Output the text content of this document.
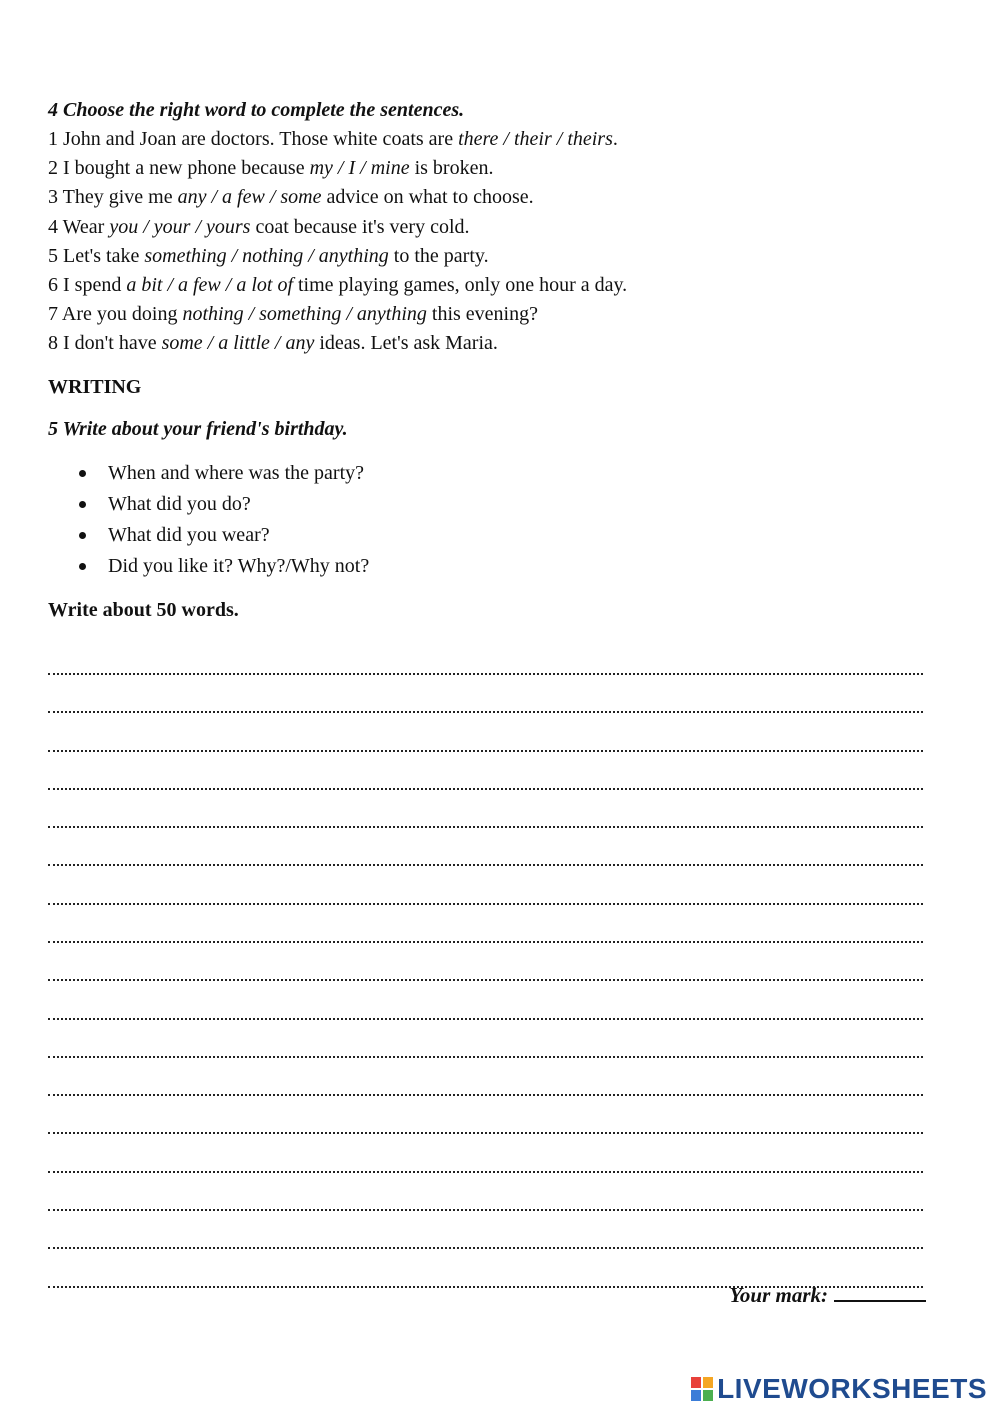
4 Choose the right word to complete the sentences.

1 John and Joan are doctors. Those white coats are there / their / theirs.

2 I bought a new phone because my / I / mine is broken.

3 They give me any / a few / some advice on what to choose.

4 Wear you / your / yours coat because it's very cold.

5 Let's take something / nothing / anything to the party.

6 I spend a bit / a few / a lot of time playing games, only one hour a day.

7 Are you doing nothing / something / anything this evening?

8 I don't have some / a little / any ideas. Let's ask Maria.

WRITING

5 Write about your friend's birthday.

When and where was the party?
What did you do?
What did you wear?
Did you like it? Why?/Why not?

Write about 50 words.

Your mark:
LIVEWORKSHEETS
